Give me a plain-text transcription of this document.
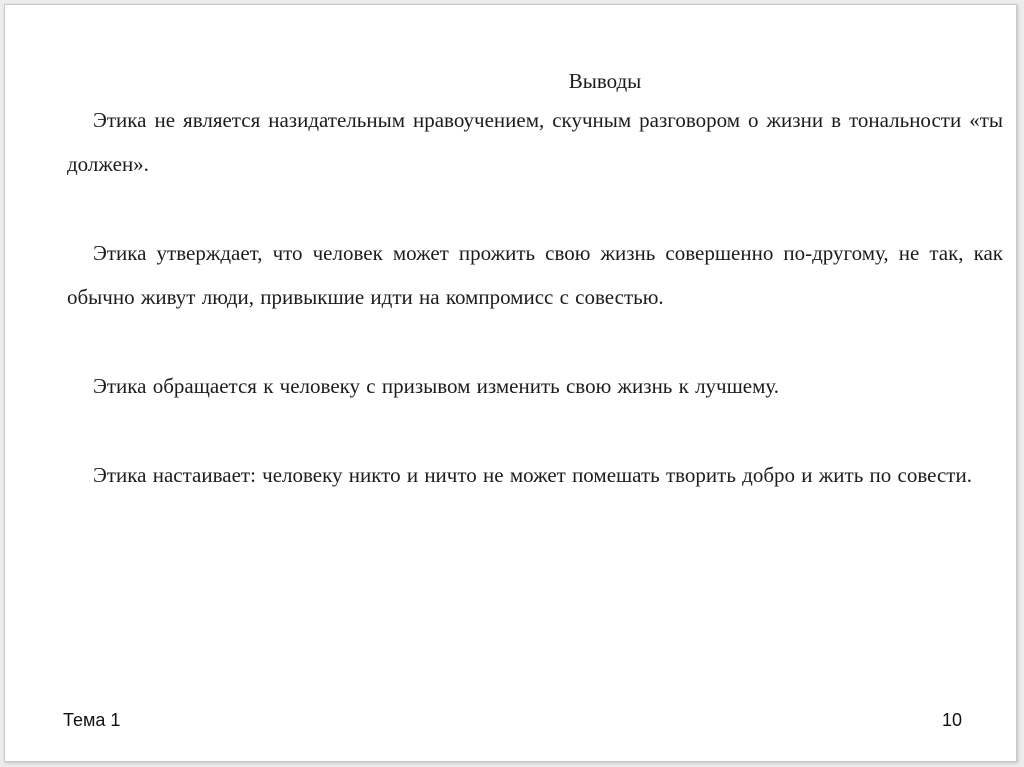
Выводы

Этика не является назидательным нравоучением, скучным разговором о жизни в тональности «ты должен».

Этика утверждает, что человек может прожить свою жизнь совершенно по-другому, не так, как обычно живут люди, привыкшие идти на компромисс с совестью.

Этика обращается к человеку с призывом изменить свою жизнь к лучшему.

Этика настаивает: человеку никто и ничто не может помешать творить добро и жить по совести.

Тема 1	10
